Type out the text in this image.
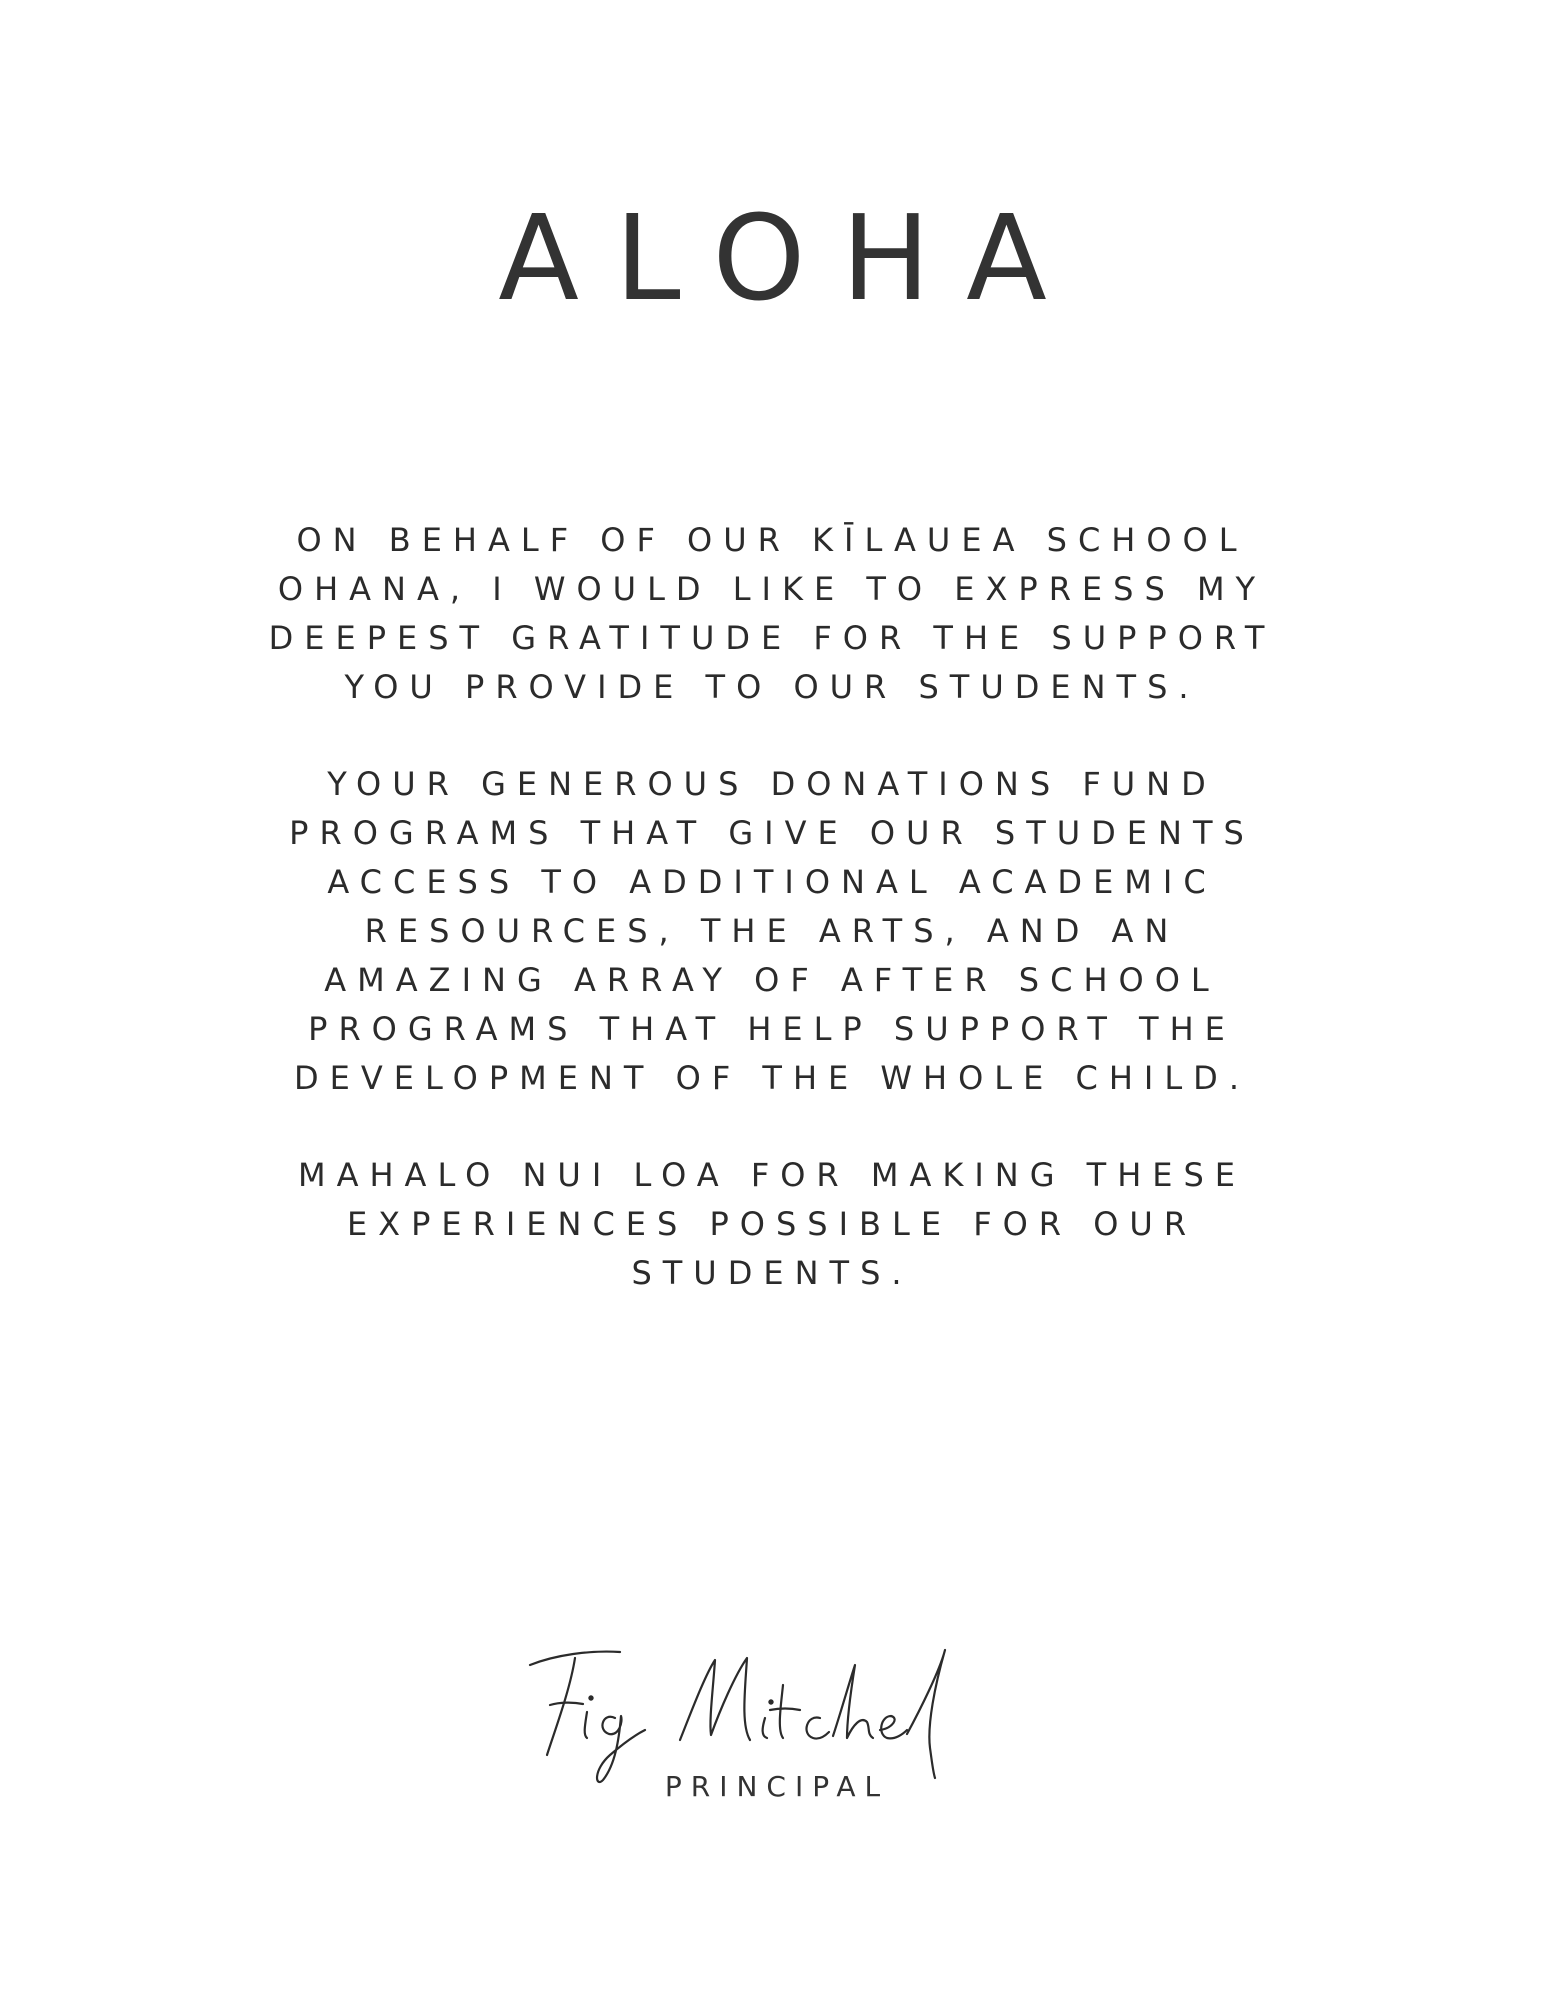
ALOHA

ON BEHALF OF OUR KĪLAUEA SCHOOL
OHANA, I WOULD LIKE TO EXPRESS MY
DEEPEST GRATITUDE FOR THE SUPPORT
YOU PROVIDE TO OUR STUDENTS.

YOUR GENEROUS DONATIONS FUND
PROGRAMS THAT GIVE OUR STUDENTS
ACCESS TO ADDITIONAL ACADEMIC
RESOURCES, THE ARTS, AND AN
AMAZING ARRAY OF AFTER SCHOOL
PROGRAMS THAT HELP SUPPORT THE
DEVELOPMENT OF THE WHOLE CHILD.

MAHALO NUI LOA FOR MAKING THESE
EXPERIENCES POSSIBLE FOR OUR
STUDENTS.

PRINCIPAL
